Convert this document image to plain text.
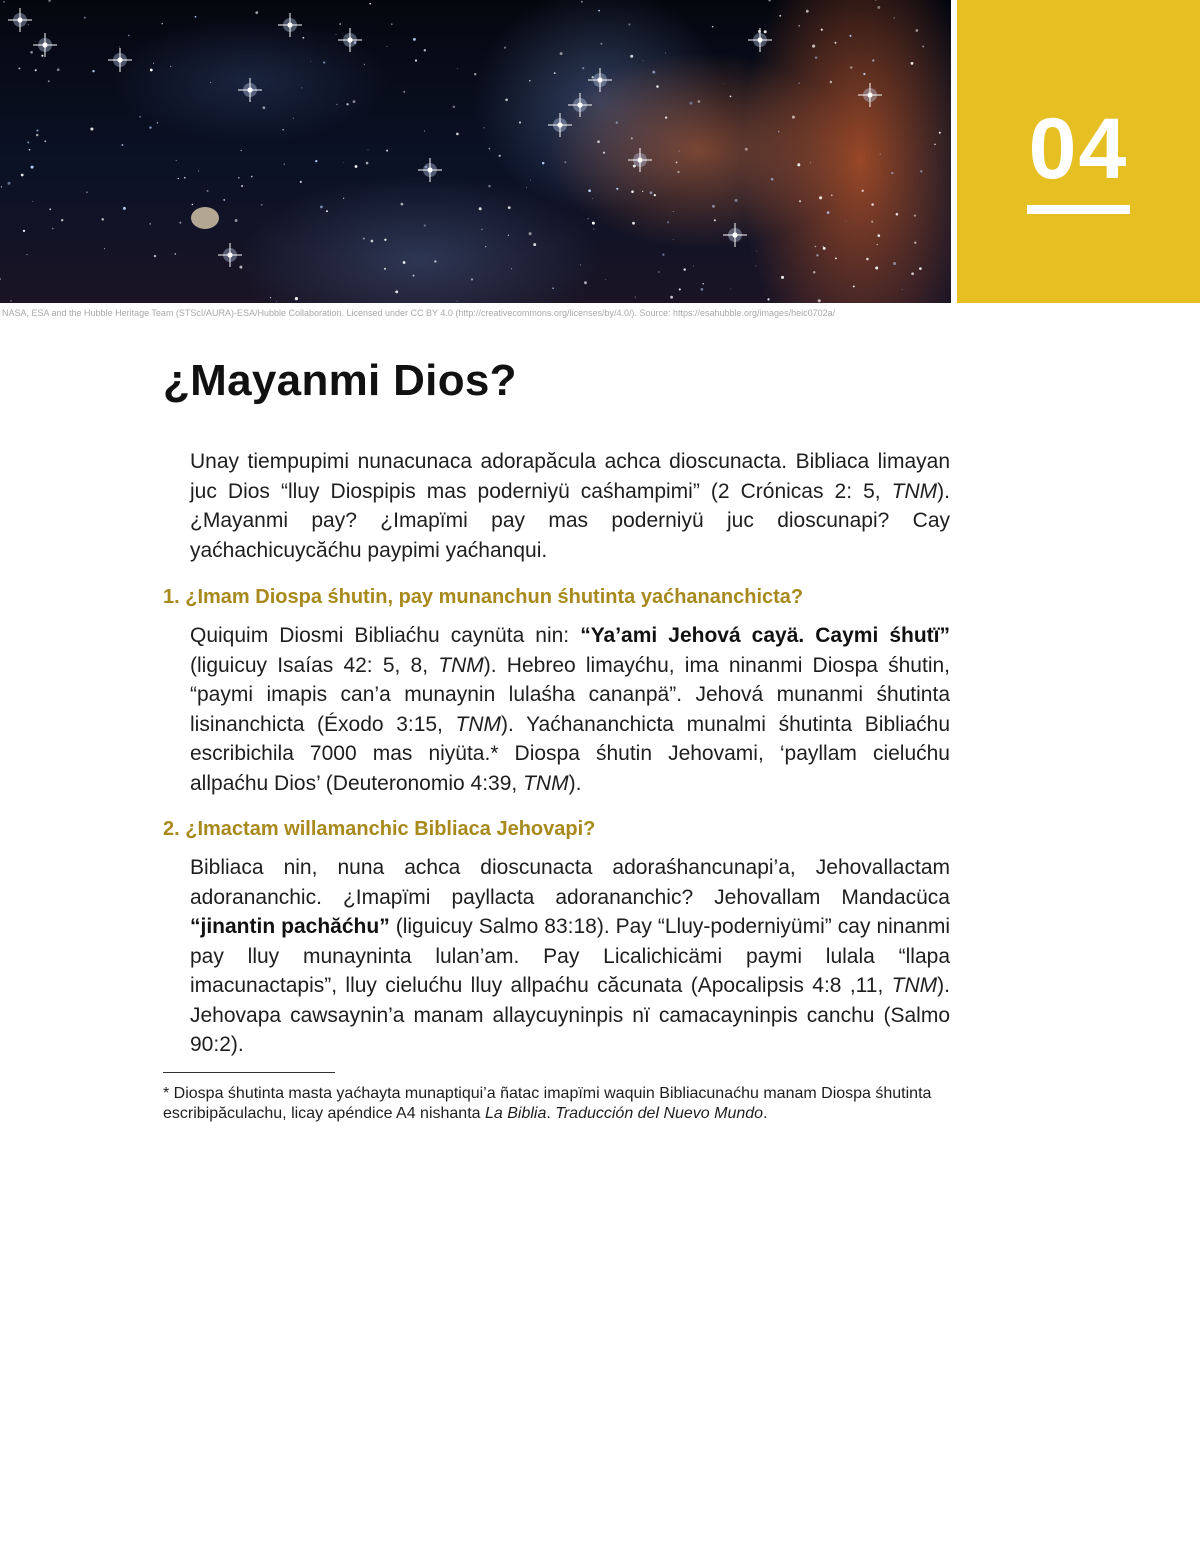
04
NASA, ESA and the Hubble Heritage Team (STScI/AURA)-ESA/Hubble Collaboration. Licensed under CC BY 4.0 (http://creativecommons.org/licenses/by/4.0/). Source: https://esahubble.org/images/heic0702a/
¿Mayanmi Dios?

Unay tiempupimi nunacunaca adorapăcula achca dioscunacta. Bibliaca limayan juc Dios “lluy Diospipis mas poderniyü caśhampimi” (2 Crónicas 2: 5, TNM). ¿Mayanmi pay? ¿Imapïmi pay mas poderniyü juc dioscunapi? Cay yaćhachicuycăćhu paypimi yaćhanqui.

1. ¿Imam Diospa śhutin, pay munanchun śhutinta yaćhananchicta?

Quiquim Diosmi Bibliaćhu caynüta nin: “Ya’ami Jehová cayä. Caymi śhutï” (liguicuy Isaías 42: 5, 8, TNM). Hebreo limayćhu, ima ninanmi Diospa śhutin, “paymi imapis can’a munaynin lulaśha cananpä”. Jehová munanmi śhutinta lisinanchicta (Éxodo 3:15, TNM). Yaćhananchicta munalmi śhutinta Bibliaćhu escribichila 7000 mas niyüta.* Diospa śhutin Jehovami, ‘payllam cielućhu allpaćhu Dios’ (Deuteronomio 4:39, TNM).

2. ¿Imactam willamanchic Bibliaca Jehovapi?

Bibliaca nin, nuna achca dioscunacta adoraśhancunapi’a, Jehovallactam adorananchic. ¿Imapïmi payllacta adorananchic? Jehovallam Mandacüca “jinantin pachăćhu” (liguicuy Salmo 83:18). Pay “Lluy-poderniyümi” cay ninanmi pay lluy munayninta lulan’am. Pay Licalichicämi paymi lulala “llapa imacunactapis”, lluy cielućhu lluy allpaćhu căcunata (Apocalipsis 4:8 ,11, TNM). Jehovapa cawsaynin’a manam allaycuyninpis nï camacayninpis canchu (Salmo 90:2).

* Diospa śhutinta masta yaćhayta munaptiqui’a ñatac imapïmi waquin Bibliacunaćhu manam Diospa śhutinta escribipăculachu, licay apéndice A4 nishanta La Biblia. Traducción del Nuevo Mundo.
